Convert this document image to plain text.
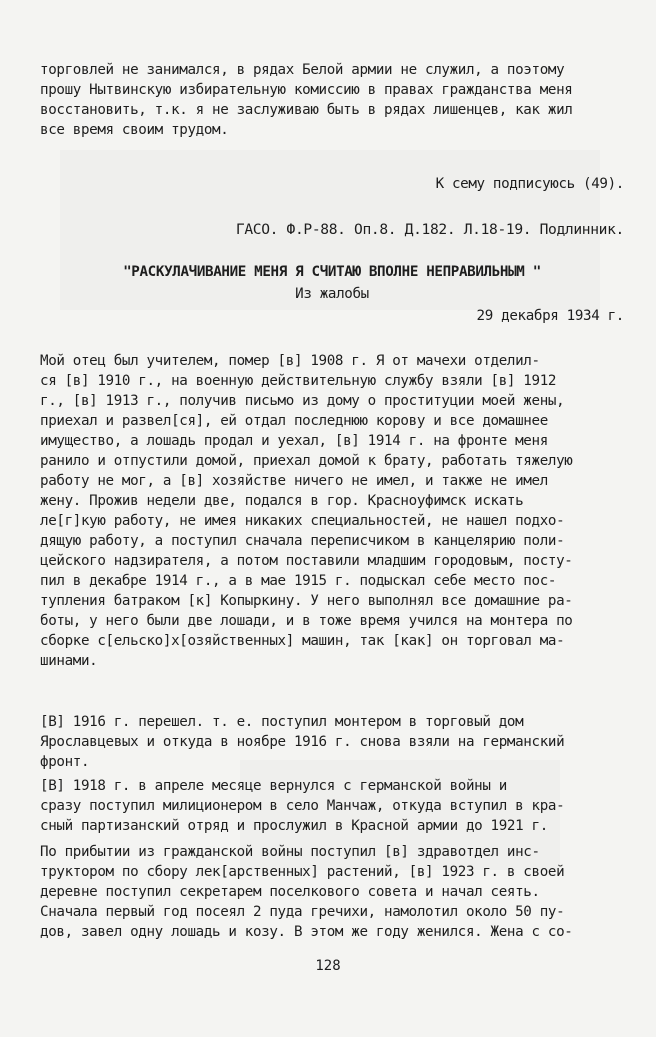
торговлей не занимался, в рядах Белой армии не служил, а поэтому
прошу Нытвинскую избирательную комиссию в правах гражданства меня
восстановить, т.к. я не заслуживаю быть в рядах лишенцев, как жил
все время своим трудом.
К сему подписуюсь (49).
ГАСО. Ф.Р-88. Оп.8. Д.182. Л.18-19. Подлинник.
"РАСКУЛАЧИВАНИЕ МЕНЯ Я СЧИТАЮ ВПОЛНЕ НЕПРАВИЛЬНЫМ "
Из жалобы
29 декабря 1934 г.
Мой отец был учителем, помер [в] 1908 г. Я от мачехи отделил-
ся [в] 1910 г., на военную действительную службу взяли [в] 1912
г., [в] 1913 г., получив письмо из дому о проституции моей жены,
приехал и развел[ся], ей отдал последнюю корову и все домашнее
имущество, а лошадь продал и уехал, [в] 1914 г. на фронте меня
ранило и отпустили домой, приехал домой к брату, работать тяжелую
работу не мог, а [в] хозяйстве ничего не имел, и также не имел
жену. Прожив недели две, подался в гор. Красноуфимск искать
ле[г]кую работу, не имея никаких специальностей, не нашел подхо-
дящую работу, а поступил сначала переписчиком в канцелярию поли-
цейского надзирателя, а потом поставили младшим городовым, посту-
пил в декабре 1914 г., а в мае 1915 г. подыскал себе место пос-
тупления батраком [к] Копыркину. У него выполнял все домашние ра-
боты, у него были две лошади, и в тоже время учился на монтера по
сборке с[ельско]х[озяйственных] машин, так [как] он торговал ма-
шинами.
[В] 1916 г. перешел. т. е. поступил монтером в торговый дом
Ярославцевых и откуда в ноябре 1916 г. снова взяли на германский
фронт.
[В] 1918 г. в апреле месяце вернулся с германской войны и
сразу поступил милиционером в село Манчаж, откуда вступил в кра-
сный партизанский отряд и прослужил в Красной армии до 1921 г.
По прибытии из гражданской войны поступил [в] здравотдел инс-
труктором по сбору лек[арственных] растений, [в] 1923 г. в своей
деревне поступил секретарем поселкового совета и начал сеять.
Сначала первый год посеял 2 пуда гречихи, намолотил около 50 пу-
дов, завел одну лошадь и козу. В этом же году женился. Жена с со-
128
